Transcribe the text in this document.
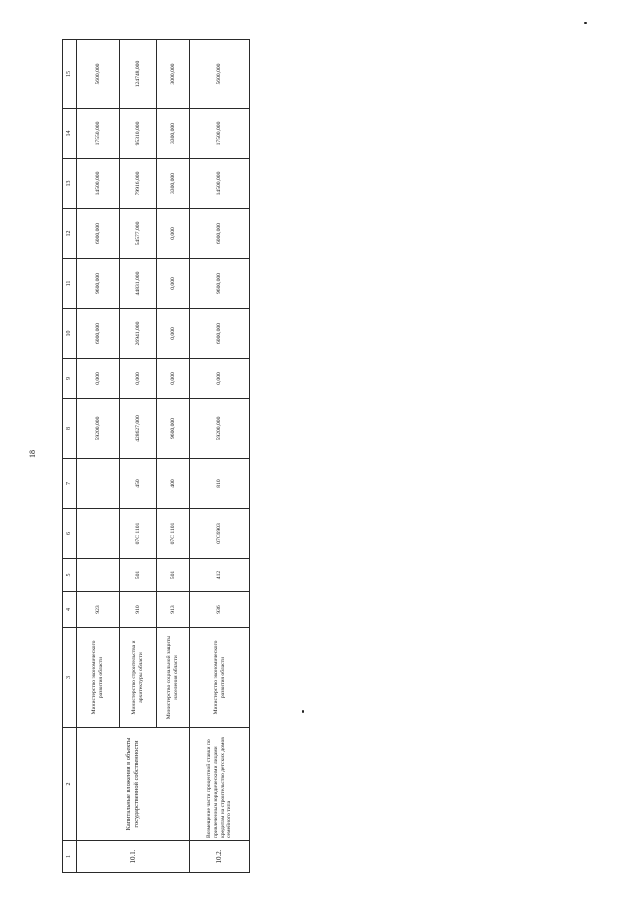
18
1	2	3	4	5	6	7	8	9	10	11	12	13	14	15
10.1.	Капитальные вложения в объекты государственной собственности	Министерство экономического развития области	923				59200,000	0,000	6000,000	9600,000	6000,000	14500,000	17550,000	5600,000
		Министерство строительства и архитектуры области	910	501	07С 1101	450	428627,000	0,000	26941,000	44831,000	54577,000	79916,000	95310,000	124748,000
		Министерство социальной защиты населения области	913	501	07С 1101	400	9600,000	0,000	0,000	0,000	0,000	3300,000	3300,000	3000,000
10.2.	Возмещение части процентной ставки по привлеченным юридическими лицами кредитам на строительство детских домов семейного типа	Министерство экономического развития области	936	412	07С6903	810	59200,000	0,000	6000,000	9600,000	6000,000	14500,000	17500,000	5600,000
